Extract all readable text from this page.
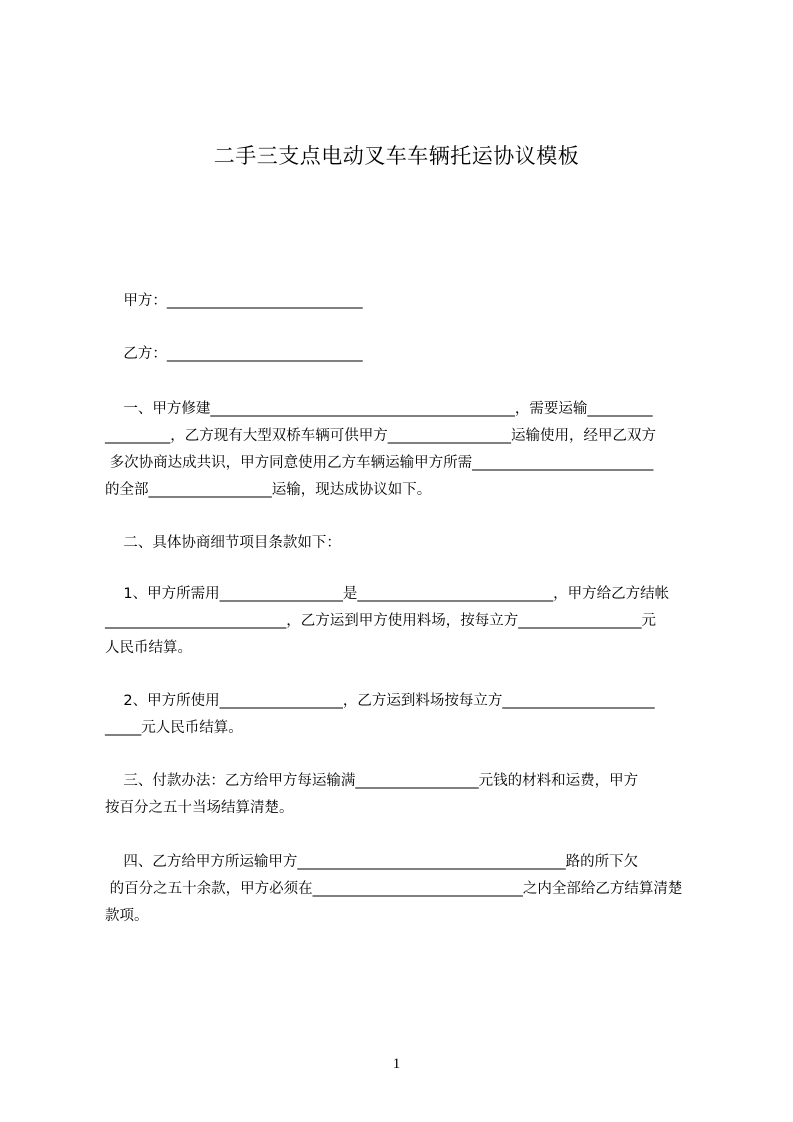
二手三支点电动叉车车辆托运协议模板
甲方：___________________________
乙方：___________________________
一、甲方修建__________________________________________，需要运输_________
_________，乙方现有大型双桥车辆可供甲方_________________运输使用，经甲乙双方
多次协商达成共识，甲方同意使用乙方车辆运输甲方所需_________________________
的全部_________________运输，现达成协议如下。
二、具体协商细节项目条款如下：
1、甲方所需用_________________是___________________________，甲方给乙方结帐
_________________________，乙方运到甲方使用料场，按每立方_________________元
人民币结算。
2、甲方所使用_________________，乙方运到料场按每立方_____________________
_____元人民币结算。
三、付款办法：乙方给甲方每运输满_________________元钱的材料和运费，甲方
按百分之五十当场结算清楚。
四、乙方给甲方所运输甲方_____________________________________路的所下欠
的百分之五十余款，甲方必须在_____________________________之内全部给乙方结算清楚
款项。
1
